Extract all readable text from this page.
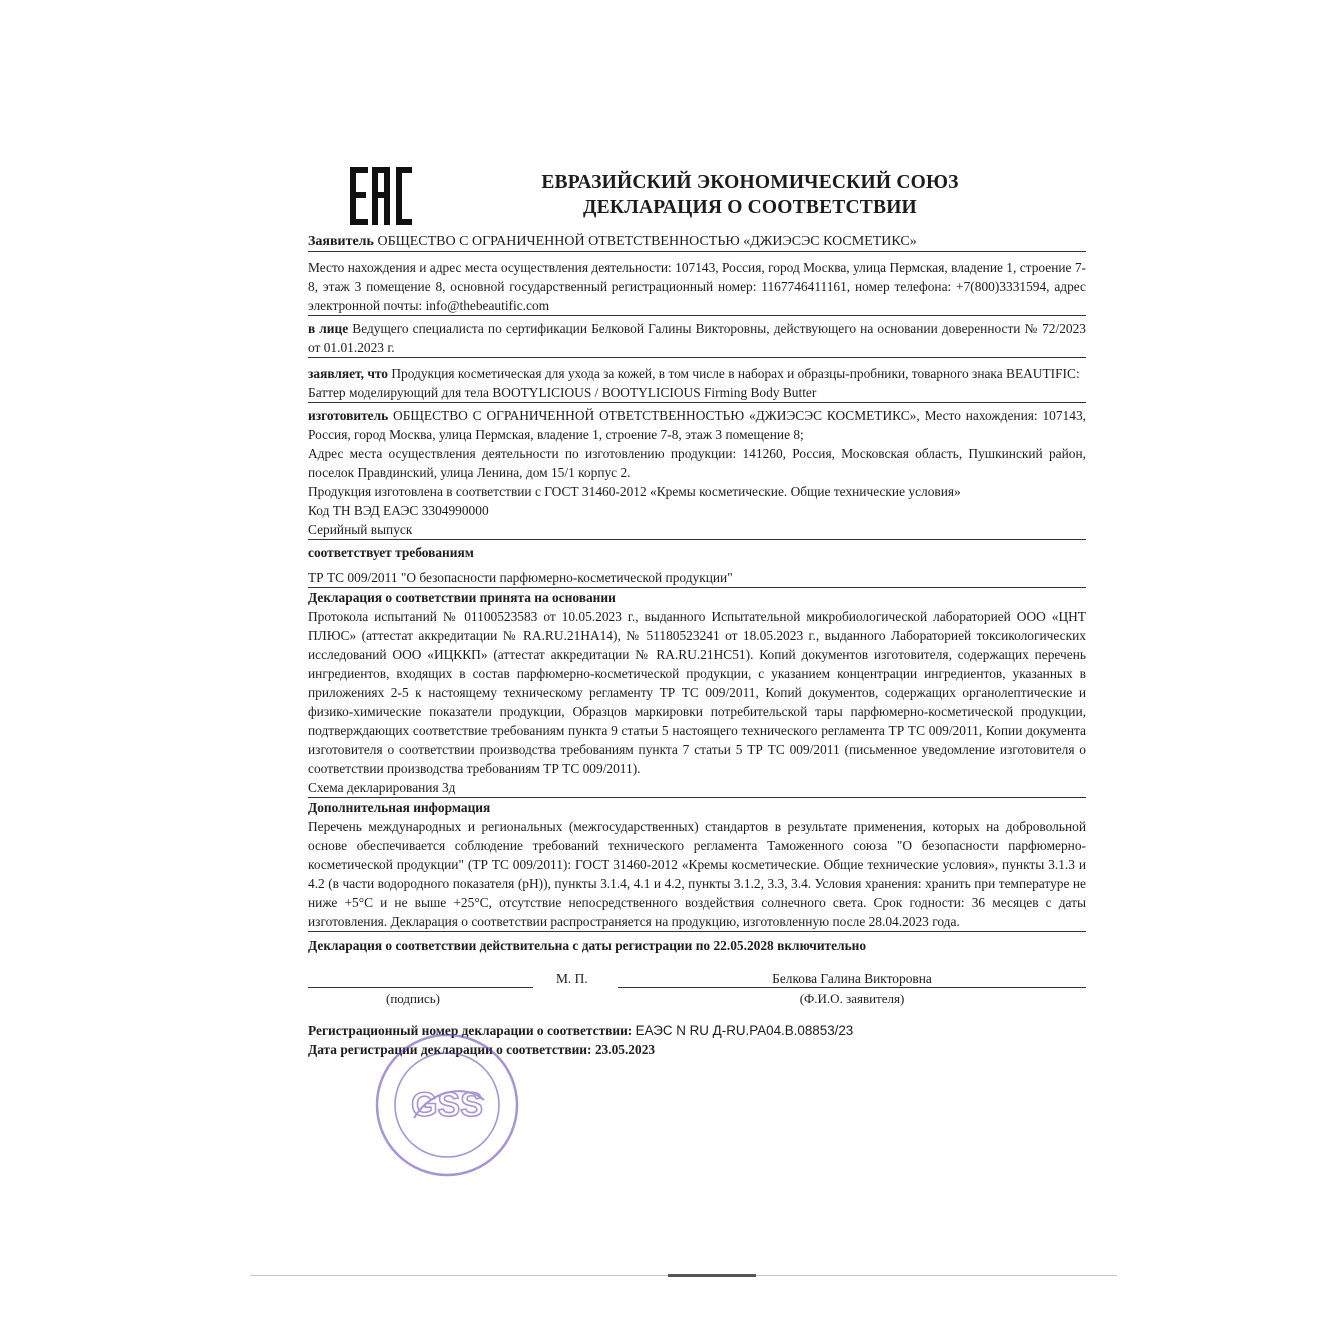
ЕВРАЗИЙСКИЙ ЭКОНОМИЧЕСКИЙ СОЮЗ
ДЕКЛАРАЦИЯ О СООТВЕТСТВИИ
Заявитель ОБЩЕСТВО С ОГРАНИЧЕННОЙ ОТВЕТСТВЕННОСТЬЮ «ДЖИЭСЭС КОСМЕТИКС»

Место нахождения и адрес места осуществления деятельности: 107143, Россия, город Москва, улица Пермская, владение 1, строение 7-8, этаж 3 помещение 8, основной государственный регистрационный номер: 1167746411161, номер телефона: +7(800)3331594, адрес электронной почты: info@thebeautific.com

в лице Ведущего специалиста по сертификации Белковой Галины Викторовны, действующего на основании доверенности № 72/2023 от 01.01.2023 г.
заявляет, что Продукция косметическая для ухода за кожей, в том числе в наборах и образцы-пробники, товарного знака BEAUTIFIC:
Баттер моделирующий для тела BOOTYLICIOUS / BOOTYLICIOUS Firming Body Butter
изготовитель ОБЩЕСТВО С ОГРАНИЧЕННОЙ ОТВЕТСТВЕННОСТЬЮ «ДЖИЭСЭС КОСМЕТИКС», Место нахождения: 107143, Россия, город Москва, улица Пермская, владение 1, строение 7-8, этаж 3 помещение 8;

Адрес места осуществления деятельности по изготовлению продукции: 141260, Россия, Московская область, Пушкинский район, поселок Правдинский, улица Ленина, дом 15/1 корпус 2.

Продукция изготовлена в соответствии с ГОСТ 31460-2012 «Кремы косметические. Общие технические условия»

Код ТН ВЭД ЕАЭС 3304990000

Серийный выпуск

соответствует требованиям

ТР ТС 009/2011 "О безопасности парфюмерно-косметической продукции"

Декларация о соответствии принята на основании

Протокола испытаний № 01100523583 от 10.05.2023 г., выданного Испытательной микробиологической лабораторией ООО «ЦНТ ПЛЮС» (аттестат аккредитации № RA.RU.21НА14), № 51180523241 от 18.05.2023 г., выданного Лабораторией токсикологических исследований ООО «ИЦККП» (аттестат аккредитации № RA.RU.21НС51). Копий документов изготовителя, содержащих перечень ингредиентов, входящих в состав парфюмерно-косметической продукции, с указанием концентрации ингредиентов, указанных в приложениях 2-5 к настоящему техническому регламенту ТР ТС 009/2011, Копий документов, содержащих органолептические и физико-химические показатели продукции, Образцов маркировки потребительской тары парфюмерно-косметической продукции, подтверждающих соответствие требованиям пункта 9 статьи 5 настоящего технического регламента ТР ТС 009/2011, Копии документа изготовителя о соответствии производства требованиям пункта 7 статьи 5 ТР ТС 009/2011 (письменное уведомление изготовителя о соответствии производства требованиям ТР ТС 009/2011).

Схема декларирования 3д

Дополнительная информация

Перечень международных и региональных (межгосударственных) стандартов в результате применения, которых на добровольной основе обеспечивается соблюдение требований технического регламента Таможенного союза "О безопасности парфюмерно-косметической продукции" (ТР ТС 009/2011): ГОСТ 31460-2012 «Кремы косметические. Общие технические условия», пункты 3.1.3 и 4.2 (в части водородного показателя (pH)), пункты 3.1.4, 4.1 и 4.2, пункты 3.1.2, 3.3, 3.4. Условия хранения: хранить при температуре не ниже +5°С и не выше +25°С, отсутствие непосредственного воздействия солнечного света. Срок годности: 36 месяцев с даты изготовления. Декларация о соответствии распространяется на продукцию, изготовленную после 28.04.2023 года.

Декларация о соответствии действительна с даты регистрации по 22.05.2028 включительно
(подпись)
М. П.	Белкова Галина Викторовна
(Ф.И.О. заявителя)
Регистрационный номер декларации о соответствии: ЕАЭС N RU Д-RU.PA04.B.08853/23
Дата регистрации декларации о соответствии: 23.05.2023
GSS
